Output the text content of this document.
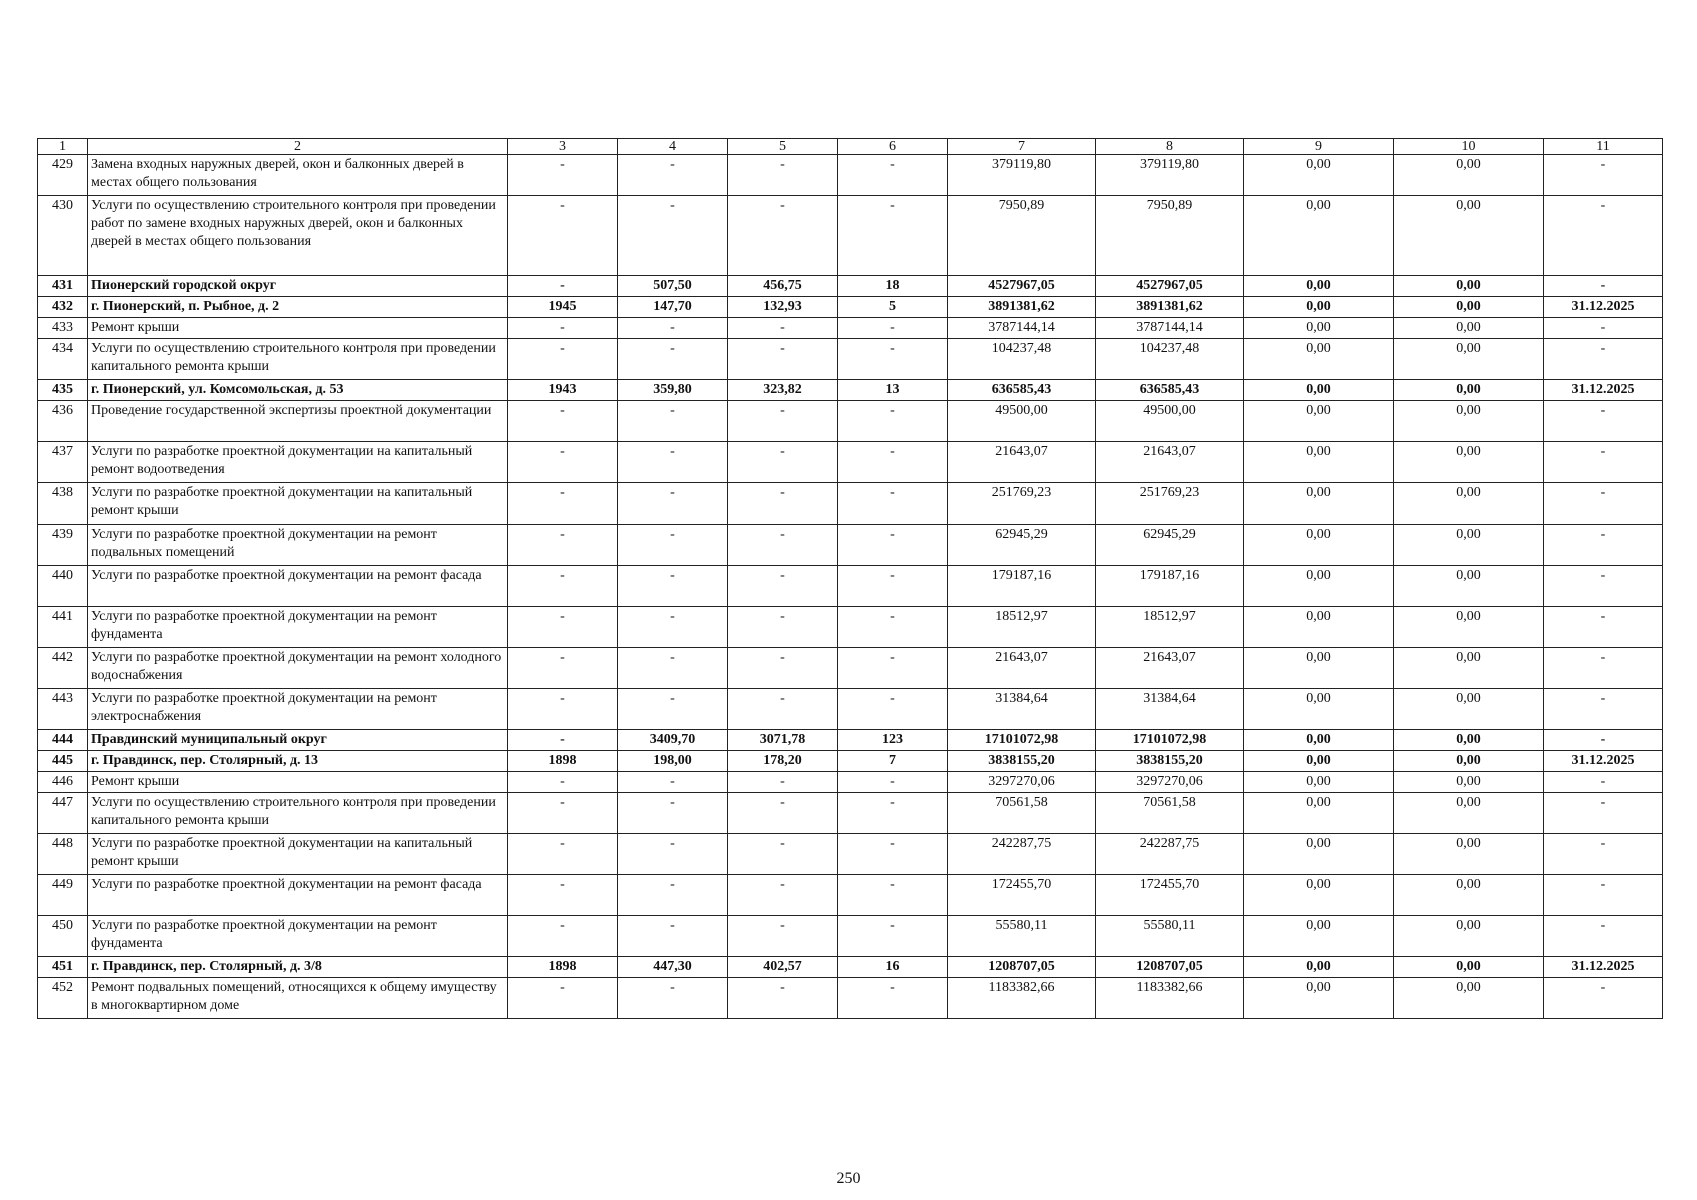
1	2	3	4	5	6	7	8	9	10	11
429	Замена входных наружных дверей, окон и балконных дверей в местах общего пользования	-	-	-	-	379119,80	379119,80	0,00	0,00	-
430	Услуги по осуществлению строительного контроля при проведении работ по замене входных наружных дверей, окон и балконных дверей в местах общего пользования	-	-	-	-	7950,89	7950,89	0,00	0,00	-
431	Пионерский городской округ	-	507,50	456,75	18	4527967,05	4527967,05	0,00	0,00	-
432	г. Пионерский, п. Рыбное, д. 2	1945	147,70	132,93	5	3891381,62	3891381,62	0,00	0,00	31.12.2025
433	Ремонт крыши	-	-	-	-	3787144,14	3787144,14	0,00	0,00	-
434	Услуги по осуществлению строительного контроля при проведении капитального ремонта крыши	-	-	-	-	104237,48	104237,48	0,00	0,00	-
435	г. Пионерский, ул. Комсомольская, д. 53	1943	359,80	323,82	13	636585,43	636585,43	0,00	0,00	31.12.2025
436	Проведение государственной экспертизы проектной документации	-	-	-	-	49500,00	49500,00	0,00	0,00	-
437	Услуги по разработке проектной документации на капитальный ремонт водоотведения	-	-	-	-	21643,07	21643,07	0,00	0,00	-
438	Услуги по разработке проектной документации на капитальный ремонт крыши	-	-	-	-	251769,23	251769,23	0,00	0,00	-
439	Услуги по разработке проектной документации на ремонт подвальных помещений	-	-	-	-	62945,29	62945,29	0,00	0,00	-
440	Услуги по разработке проектной документации на ремонт фасада	-	-	-	-	179187,16	179187,16	0,00	0,00	-
441	Услуги по разработке проектной документации на ремонт фундамента	-	-	-	-	18512,97	18512,97	0,00	0,00	-
442	Услуги по разработке проектной документации на ремонт холодного водоснабжения	-	-	-	-	21643,07	21643,07	0,00	0,00	-
443	Услуги по разработке проектной документации на ремонт электроснабжения	-	-	-	-	31384,64	31384,64	0,00	0,00	-
444	Правдинский муниципальный округ	-	3409,70	3071,78	123	17101072,98	17101072,98	0,00	0,00	-
445	г. Правдинск, пер. Столярный, д. 13	1898	198,00	178,20	7	3838155,20	3838155,20	0,00	0,00	31.12.2025
446	Ремонт крыши	-	-	-	-	3297270,06	3297270,06	0,00	0,00	-
447	Услуги по осуществлению строительного контроля при проведении капитального ремонта крыши	-	-	-	-	70561,58	70561,58	0,00	0,00	-
448	Услуги по разработке проектной документации на капитальный ремонт крыши	-	-	-	-	242287,75	242287,75	0,00	0,00	-
449	Услуги по разработке проектной документации на ремонт фасада	-	-	-	-	172455,70	172455,70	0,00	0,00	-
450	Услуги по разработке проектной документации на ремонт фундамента	-	-	-	-	55580,11	55580,11	0,00	0,00	-
451	г. Правдинск, пер. Столярный, д. 3/8	1898	447,30	402,57	16	1208707,05	1208707,05	0,00	0,00	31.12.2025
452	Ремонт подвальных помещений, относящихся к общему имуществу в многоквартирном доме	-	-	-	-	1183382,66	1183382,66	0,00	0,00	-
250
